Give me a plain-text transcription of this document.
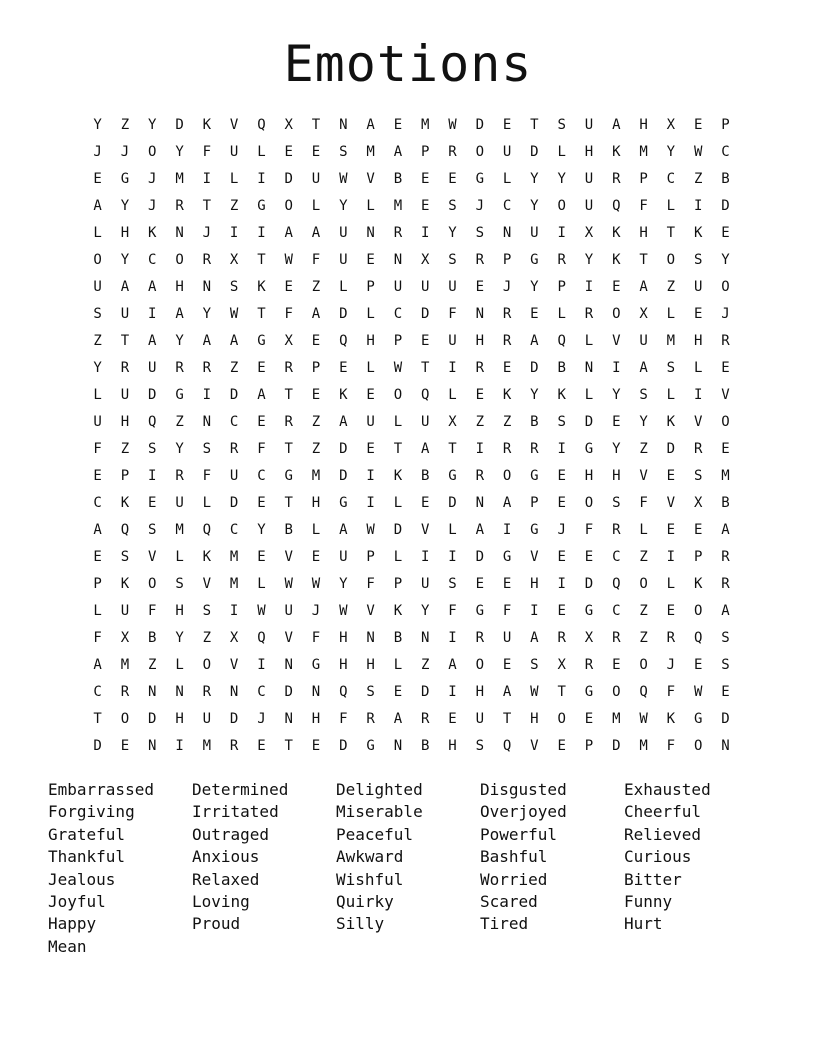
Emotions
Y	Z	Y	D	K	V	Q	X	T	N	A	E	M	W	D	E	T	S	U	A	H	X	E	P
J	J	O	Y	F	U	L	E	E	S	M	A	P	R	O	U	D	L	H	K	M	Y	W	C
E	G	J	M	I	L	I	D	U	W	V	B	E	E	G	L	Y	Y	U	R	P	C	Z	B
A	Y	J	R	T	Z	G	O	L	Y	L	M	E	S	J	C	Y	O	U	Q	F	L	I	D
L	H	K	N	J	I	I	A	A	U	N	R	I	Y	S	N	U	I	X	K	H	T	K	E
O	Y	C	O	R	X	T	W	F	U	E	N	X	S	R	P	G	R	Y	K	T	O	S	Y
U	A	A	H	N	S	K	E	Z	L	P	U	U	U	E	J	Y	P	I	E	A	Z	U	O
S	U	I	A	Y	W	T	F	A	D	L	C	D	F	N	R	E	L	R	O	X	L	E	J
Z	T	A	Y	A	A	G	X	E	Q	H	P	E	U	H	R	A	Q	L	V	U	M	H	R
Y	R	U	R	R	Z	E	R	P	E	L	W	T	I	R	E	D	B	N	I	A	S	L	E
L	U	D	G	I	D	A	T	E	K	E	O	Q	L	E	K	Y	K	L	Y	S	L	I	V
U	H	Q	Z	N	C	E	R	Z	A	U	L	U	X	Z	Z	B	S	D	E	Y	K	V	O
F	Z	S	Y	S	R	F	T	Z	D	E	T	A	T	I	R	R	I	G	Y	Z	D	R	E
E	P	I	R	F	U	C	G	M	D	I	K	B	G	R	O	G	E	H	H	V	E	S	M
C	K	E	U	L	D	E	T	H	G	I	L	E	D	N	A	P	E	O	S	F	V	X	B
A	Q	S	M	Q	C	Y	B	L	A	W	D	V	L	A	I	G	J	F	R	L	E	E	A
E	S	V	L	K	M	E	V	E	U	P	L	I	I	D	G	V	E	E	C	Z	I	P	R
P	K	O	S	V	M	L	W	W	Y	F	P	U	S	E	E	H	I	D	Q	O	L	K	R
L	U	F	H	S	I	W	U	J	W	V	K	Y	F	G	F	I	E	G	C	Z	E	O	A
F	X	B	Y	Z	X	Q	V	F	H	N	B	N	I	R	U	A	R	X	R	Z	R	Q	S
A	M	Z	L	O	V	I	N	G	H	H	L	Z	A	O	E	S	X	R	E	O	J	E	S
C	R	N	N	R	N	C	D	N	Q	S	E	D	I	H	A	W	T	G	O	Q	F	W	E
T	O	D	H	U	D	J	N	H	F	R	A	R	E	U	T	H	O	E	M	W	K	G	D
D	E	N	I	M	R	E	T	E	D	G	N	B	H	S	Q	V	E	P	D	M	F	O	N
Embarrassed	Determined	Delighted	Disgusted	Exhausted
Forgiving	Irritated	Miserable	Overjoyed	Cheerful
Grateful	Outraged	Peaceful	Powerful	Relieved
Thankful	Anxious	Awkward	Bashful	Curious
Jealous	Relaxed	Wishful	Worried	Bitter
Joyful	Loving	Quirky	Scared	Funny
Happy	Proud	Silly	Tired	Hurt
Mean
